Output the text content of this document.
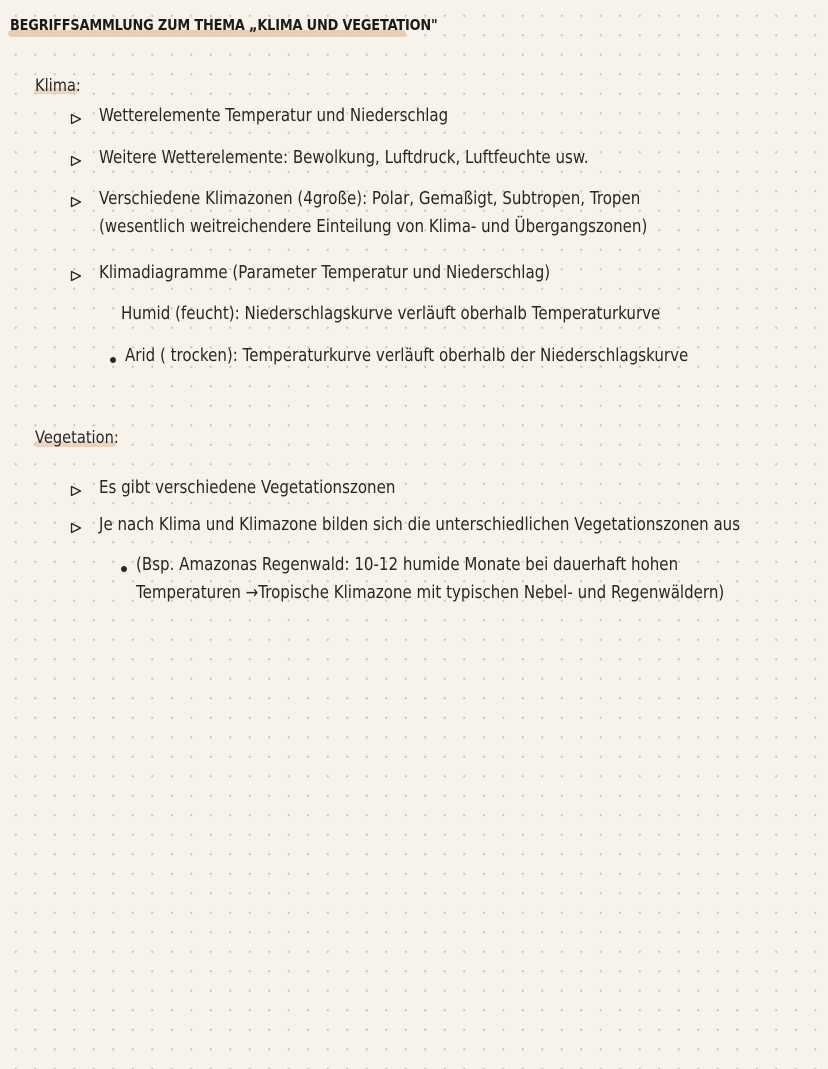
BEGRIFFSAMMLUNG ZUM THEMA „KLIMA UND VEGETATION"
Klima:
Wetterelemente Temperatur und Niederschlag
Weitere Wetterelemente: Bewolkung, Luftdruck, Luftfeuchte usw.
Verschiedene Klimazonen (4große): Polar, Gemaßigt, Subtropen, Tropen
(wesentlich weitreichendere Einteilung von Klima- und Übergangszonen)
Klimadiagramme (Parameter Temperatur und Niederschlag)
Humid (feucht): Niederschlagskurve verläuft oberhalb Temperaturkurve
Arid ( trocken): Temperaturkurve verläuft oberhalb der Niederschlagskurve
Vegetation:
Es gibt verschiedene Vegetationszonen
Je nach Klima und Klimazone bilden sich die unterschiedlichen Vegetationszonen aus
(Bsp. Amazonas Regenwald: 10-12 humide Monate bei dauerhaft hohen
Temperaturen →Tropische Klimazone mit typischen Nebel- und Regenwäldern)
